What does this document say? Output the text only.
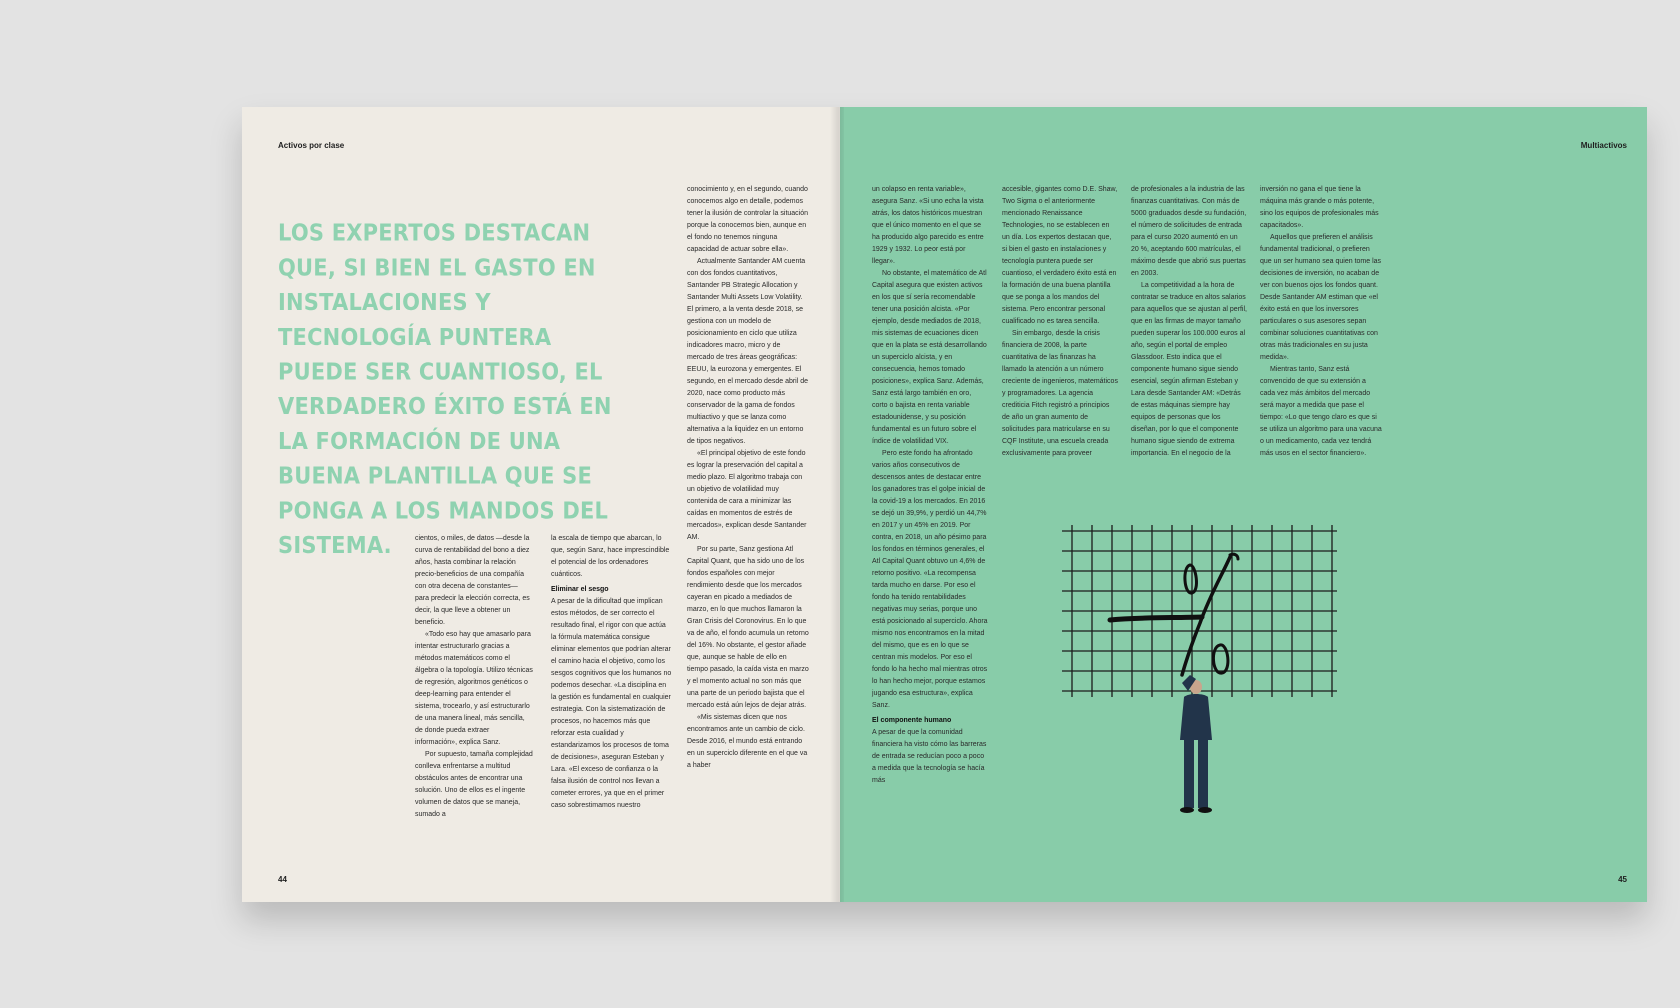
Activos por clase
LOS EXPERTOS DESTACAN QUE, SI BIEN EL GASTO EN INSTALACIONES Y TECNOLOGÍA PUNTERA PUEDE SER CUANTIOSO, EL VERDADERO ÉXITO ESTÁ EN LA FORMACIÓN DE UNA BUENA PLANTILLA QUE SE PONGA A LOS MANDOS DEL SISTEMA.	cientos, o miles, de datos —desde la curva de rentabilidad del bono a diez años, hasta combinar la relación precio-beneficios de una compañía con otra decena de constantes— para predecir la elección correcta, es decir, la que lleve a obtener un beneficio.

«Todo eso hay que amasarlo para intentar estructurarlo gracias a métodos matemáticos como el álgebra o la topología. Utilizo técnicas de regresión, algoritmos genéticos o deep-learning para entender el sistema, trocearlo, y así estructurarlo de una manera lineal, más sencilla, de donde pueda extraer información», explica Sanz.

Por supuesto, tamaña complejidad conlleva enfrentarse a multitud obstáculos antes de encontrar una solución. Uno de ellos es el ingente volumen de datos que se maneja, sumado a

la escala de tiempo que abarcan, lo que, según Sanz, hace imprescindible el potencial de los ordenadores cuánticos.

Eliminar el sesgo

A pesar de la dificultad que implican estos métodos, de ser correcto el resultado final, el rigor con que actúa la fórmula matemática consigue eliminar elementos que podrían alterar el camino hacia el objetivo, como los sesgos cognitivos que los humanos no podemos desechar. «La disciplina en la gestión es fundamental en cualquier estrategia. Con la sistematización de procesos, no hacemos más que reforzar esta cualidad y estandarizamos los procesos de toma de decisiones», aseguran Esteban y Lara. «El exceso de confianza o la falsa ilusión de control nos llevan a cometer errores, ya que en el primer caso sobrestimamos nuestro

conocimiento y, en el segundo, cuando conocemos algo en detalle, podemos tener la ilusión de controlar la situación porque la conocemos bien, aunque en el fondo no tenemos ninguna capacidad de actuar sobre ella».

Actualmente Santander AM cuenta con dos fondos cuantitativos, Santander PB Strategic Allocation y Santander Multi Assets Low Volatility. El primero, a la venta desde 2018, se gestiona con un modelo de posicionamiento en ciclo que utiliza indicadores macro, micro y de mercado de tres áreas geográficas: EEUU, la eurozona y emergentes. El segundo, en el mercado desde abril de 2020, nace como producto más conservador de la gama de fondos multiactivo y que se lanza como alternativa a la liquidez en un entorno de tipos negativos.

«El principal objetivo de este fondo es lograr la preservación del capital a medio plazo. El algoritmo trabaja con un objetivo de volatilidad muy contenida de cara a minimizar las caídas en momentos de estrés de mercados», explican desde Santander AM.

Por su parte, Sanz gestiona Atl Capital Quant, que ha sido uno de los fondos españoles con mejor rendimiento desde que los mercados cayeran en picado a mediados de marzo, en lo que muchos llamaron la Gran Crisis del Coronovirus. En lo que va de año, el fondo acumula un retorno del 16%. No obstante, el gestor añade que, aunque se hable de ello en tiempo pasado, la caída vista en marzo y el momento actual no son más que una parte de un periodo bajista que el mercado está aún lejos de dejar atrás.

«Mis sistemas dicen que nos encontramos ante un cambio de ciclo. Desde 2016, el mundo está entrando en un superciclo diferente en el que va a haber

44
Multiactivos

un colapso en renta variable», asegura Sanz. «Si uno echa la vista atrás, los datos históricos muestran que el único momento en el que se ha producido algo parecido es entre 1929 y 1932. Lo peor está por llegar».

No obstante, el matemático de Atl Capital asegura que existen activos en los que sí sería recomendable tener una posición alcista. «Por ejemplo, desde mediados de 2018, mis sistemas de ecuaciones dicen que en la plata se está desarrollando un superciclo alcista, y en consecuencia, hemos tomado posiciones», explica Sanz. Además, Sanz está largo también en oro, corto o bajista en renta variable estadounidense, y su posición fundamental es un futuro sobre el índice de volatilidad VIX.

Pero este fondo ha afrontado varios años consecutivos de descensos antes de destacar entre los ganadores tras el golpe inicial de la covid-19 a los mercados. En 2016 se dejó un 39,9%, y perdió un 44,7% en 2017 y un 45% en 2019. Por contra, en 2018, un año pésimo para los fondos en términos generales, el Atl Capital Quant obtuvo un 4,6% de retorno positivo. «La recompensa tarda mucho en darse. Por eso el fondo ha tenido rentabilidades negativas muy serias, porque uno está posicionado al superciclo. Ahora mismo nos encontramos en la mitad del mismo, que es en lo que se centran mis modelos. Por eso el fondo lo ha hecho mal mientras otros lo han hecho mejor, porque estamos jugando esa estructura», explica Sanz.

El componente humano

A pesar de que la comunidad financiera ha visto cómo las barreras de entrada se reducían poco a poco a medida que la tecnología se hacía más

accesible, gigantes como D.E. Shaw, Two Sigma o el anteriormente mencionado Renaissance Technologies, no se establecen en un día. Los expertos destacan que, si bien el gasto en instalaciones y tecnología puntera puede ser cuantioso, el verdadero éxito está en la formación de una buena plantilla que se ponga a los mandos del sistema. Pero encontrar personal cualificado no es tarea sencilla.

Sin embargo, desde la crisis financiera de 2008, la parte cuantitativa de las finanzas ha llamado la atención a un número creciente de ingenieros, matemáticos y programadores. La agencia crediticia Fitch registró a principios de año un gran aumento de solicitudes para matricularse en su CQF Institute, una escuela creada exclusivamente para proveer

de profesionales a la industria de las finanzas cuantitativas. Con más de 5000 graduados desde su fundación, el número de solicitudes de entrada para el curso 2020 aumentó en un 20 %, aceptando 600 matrículas, el máximo desde que abrió sus puertas en 2003.

La competitividad a la hora de contratar se traduce en altos salarios para aquellos que se ajustan al perfil, que en las firmas de mayor tamaño pueden superar los 100.000 euros al año, según el portal de empleo Glassdoor. Esto indica que el componente humano sigue siendo esencial, según afirman Esteban y Lara desde Santander AM: «Detrás de estas máquinas siempre hay equipos de personas que los diseñan, por lo que el componente humano sigue siendo de extrema importancia. En el negocio de la

inversión no gana el que tiene la máquina más grande o más potente, sino los equipos de profesionales más capacitados».

Aquellos que prefieren el análisis fundamental tradicional, o prefieren que un ser humano sea quien tome las decisiones de inversión, no acaban de ver con buenos ojos los fondos quant. Desde Santander AM estiman que «el éxito está en que los inversores particulares o sus asesores sepan combinar soluciones cuantitativas con otras más tradicionales en su justa medida».

Mientras tanto, Sanz está convencido de que su extensión a cada vez más ámbitos del mercado será mayor a medida que pase el tiempo: «Lo que tengo claro es que si se utiliza un algoritmo para una vacuna o un medicamento, cada vez tendrá más usos en el sector financiero».

45
